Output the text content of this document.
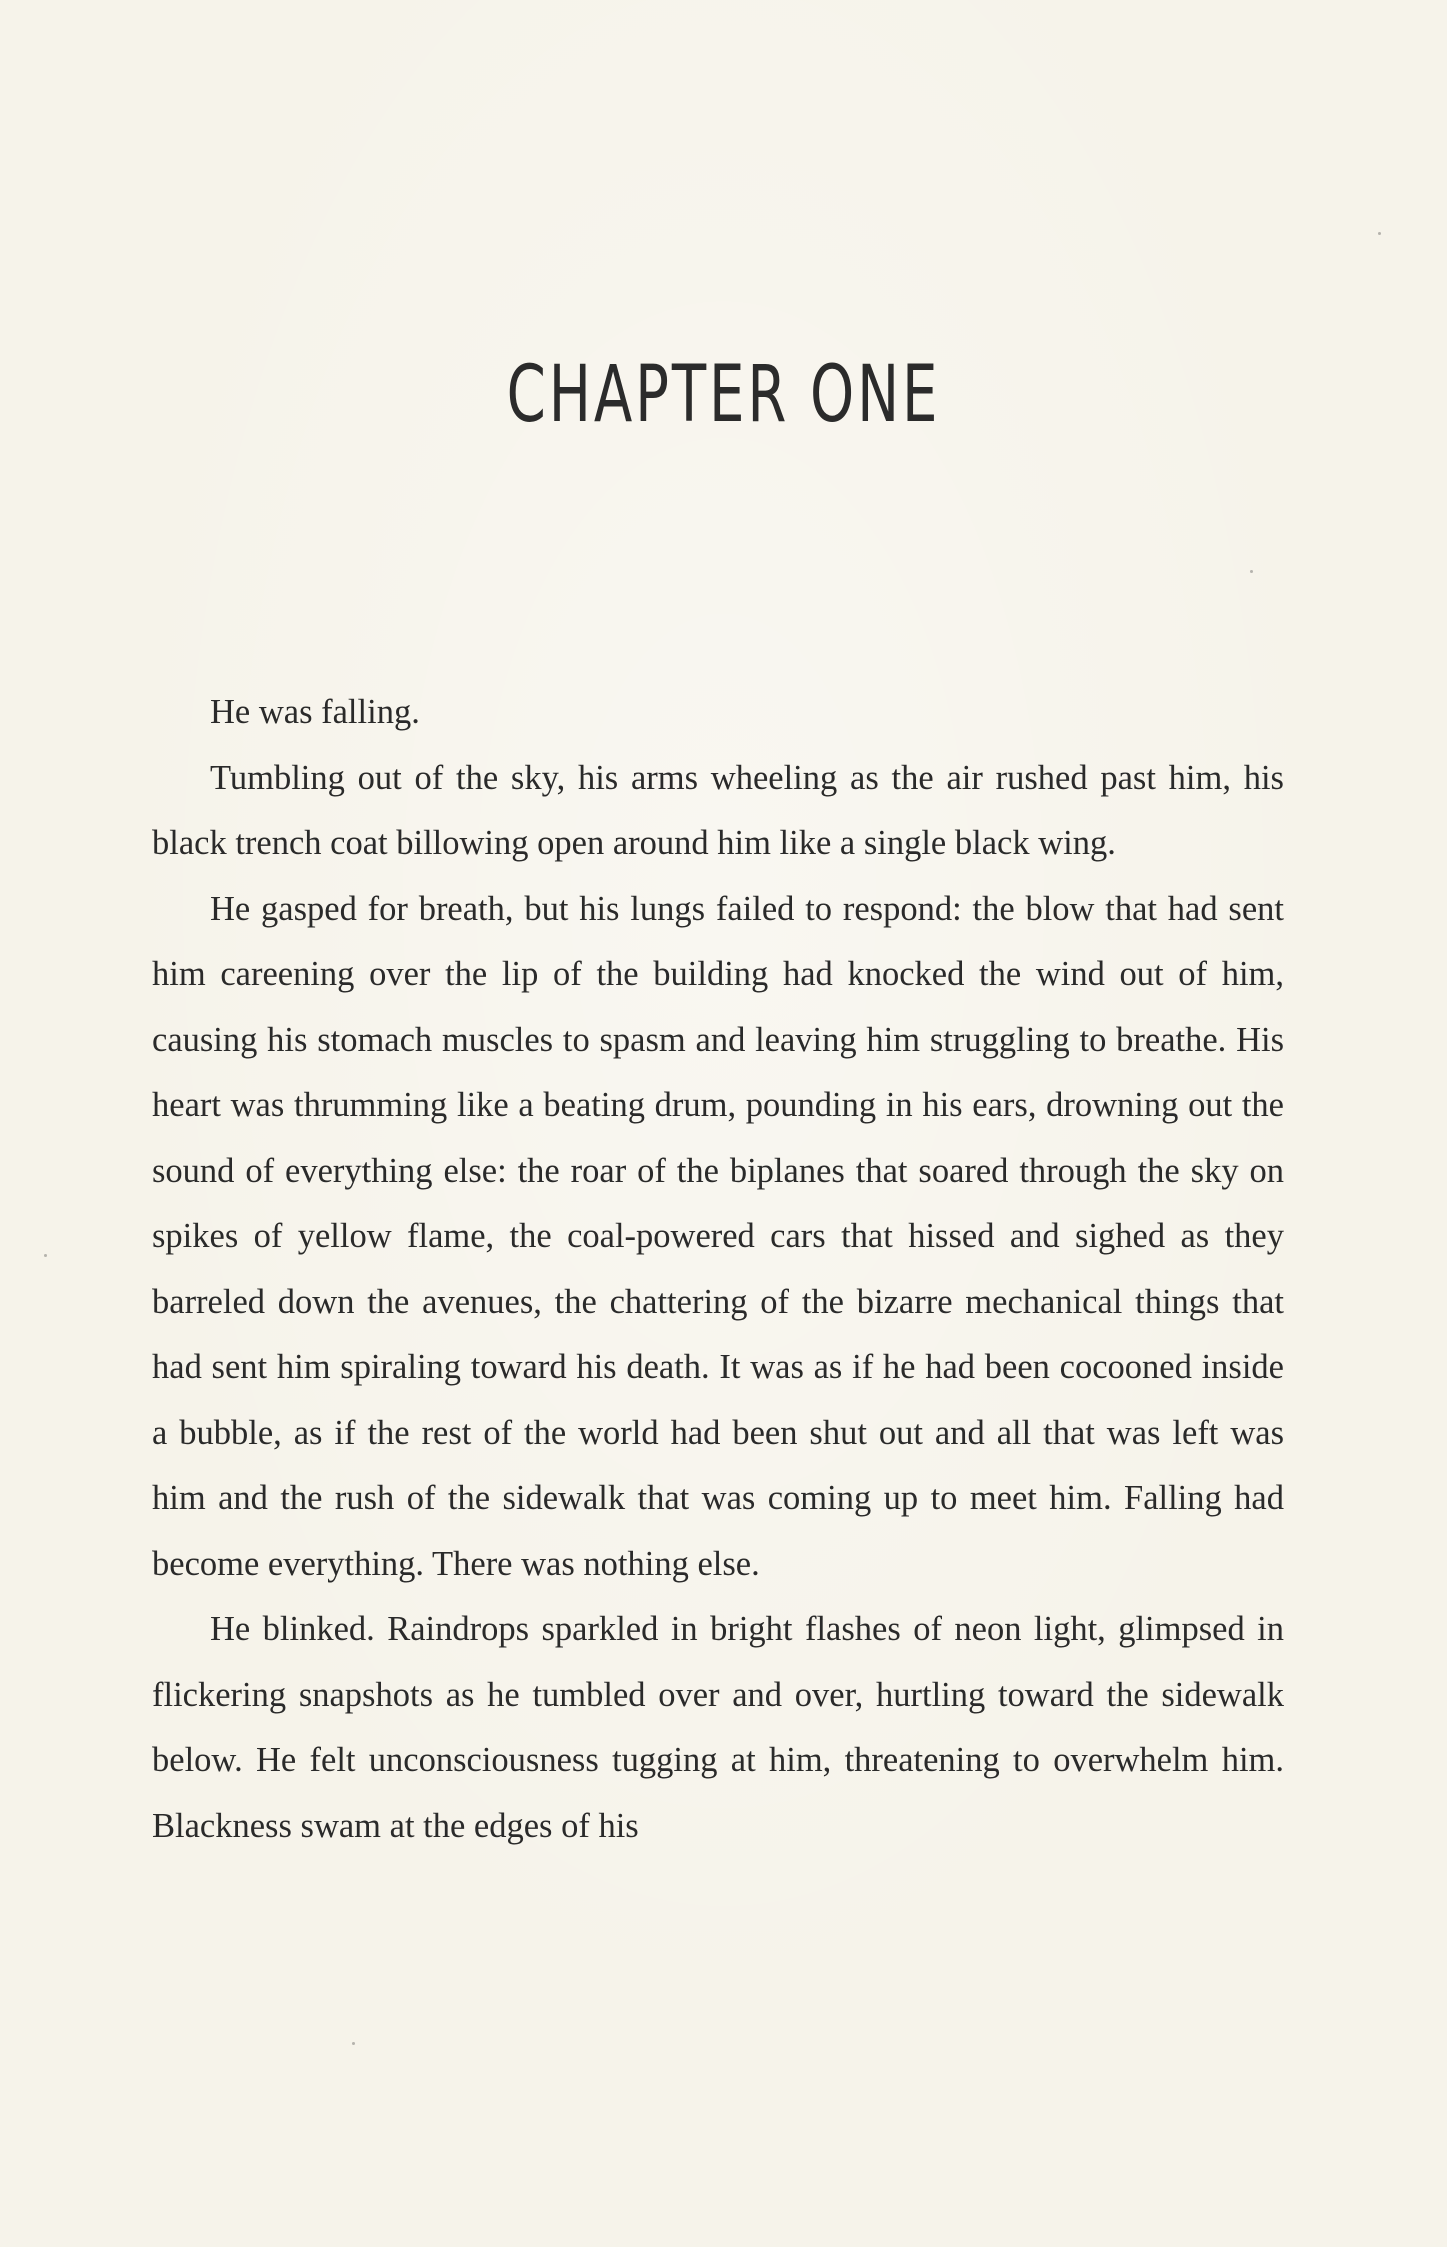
CHAPTER ONE

He was falling.

Tumbling out of the sky, his arms wheeling as the air rushed past him, his black trench coat billowing open around him like a single black wing.

He gasped for breath, but his lungs failed to respond: the blow that had sent him careening over the lip of the building had knocked the wind out of him, causing his stomach muscles to spasm and leaving him struggling to breathe. His heart was thrumming like a beating drum, pounding in his ears, drowning out the sound of everything else: the roar of the biplanes that soared through the sky on spikes of yellow flame, the coal-powered cars that hissed and sighed as they barreled down the avenues, the chattering of the bizarre mechanical things that had sent him spiraling toward his death. It was as if he had been cocooned inside a bubble, as if the rest of the world had been shut out and all that was left was him and the rush of the sidewalk that was coming up to meet him. Falling had become everything. There was nothing else.

He blinked. Raindrops sparkled in bright flashes of neon light, glimpsed in flickering snapshots as he tumbled over and over, hurtling toward the sidewalk below. He felt unconsciousness tugging at him, threatening to overwhelm him. Blackness swam at the edges of his
